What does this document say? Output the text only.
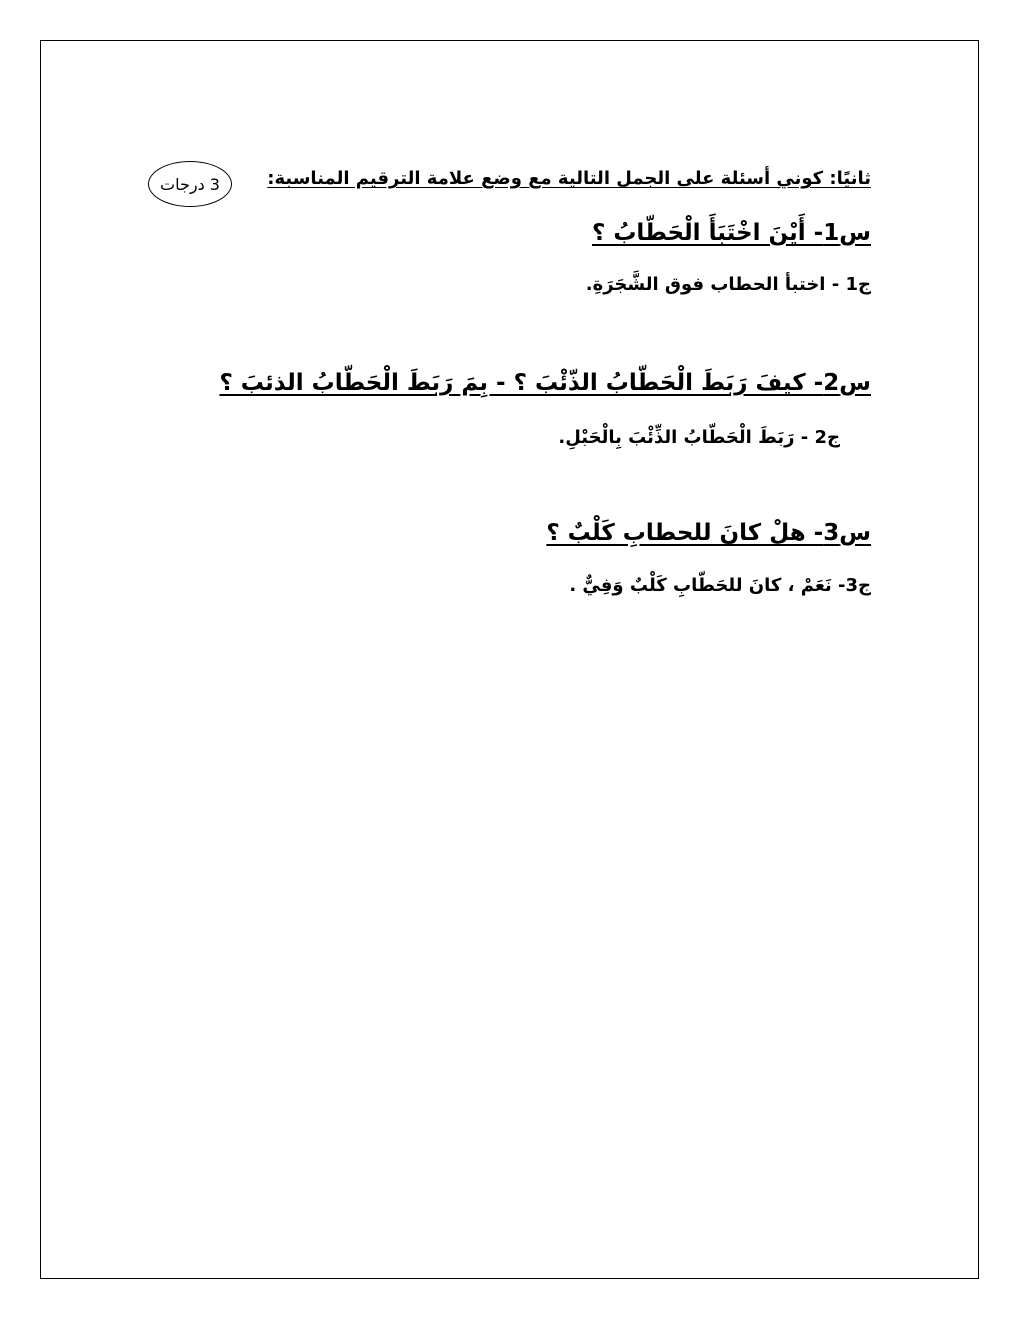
ثانيًا: كوني أسئلة على الجمل التالية مع وضع علامة الترقيم المناسبة:
3 درجات
س1- أَيْنَ اخْتَبَأَ الْحَطّابُ ؟
ج1 - اختبأ الحطاب فوق الشَّجَرَةِ.
س2- كيفَ رَبَطَ الْحَطّابُ الذّئْبَ ؟ - بِمَ رَبَطَ الْحَطّابُ الذئبَ ؟
ج2 - رَبَطَ الْحَطّابُ الذِّئْبَ بِالْحَبْلِ.
س3- هلْ كانَ للحطابِ كَلْبٌ ؟
ج3- نَعَمْ ، كانَ للحَطّابِ كَلْبٌ وَفِيٌّ .
